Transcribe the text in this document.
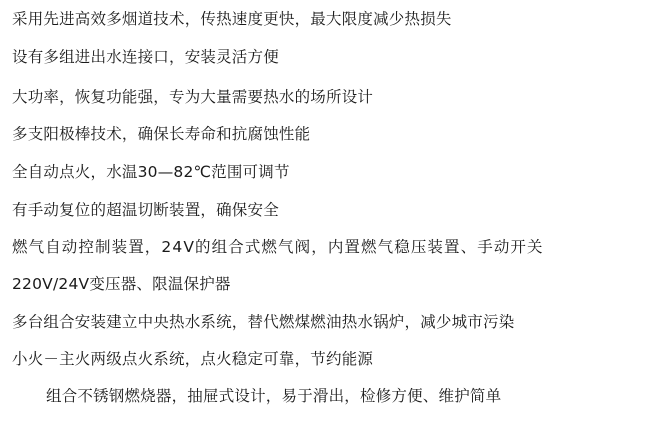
采用先进高效多烟道技术，传热速度更快，最大限度减少热损失
设有多组进出水连接口，安装灵活方便
大功率，恢复功能强，专为大量需要热水的场所设计
多支阳极棒技术，确保长寿命和抗腐蚀性能
全自动点火，水温30—82℃范围可调节
有手动复位的超温切断装置，确保安全
燃气自动控制装置，24V的组合式燃气阀，内置燃气稳压装置、手动开关
220V/24V变压器、限温保护器
多台组合安装建立中央热水系统，替代燃煤燃油热水锅炉，减少城市污染
小火－主火两级点火系统，点火稳定可靠，节约能源
组合不锈钢燃烧器，抽屉式设计，易于滑出，检修方便、维护简单
